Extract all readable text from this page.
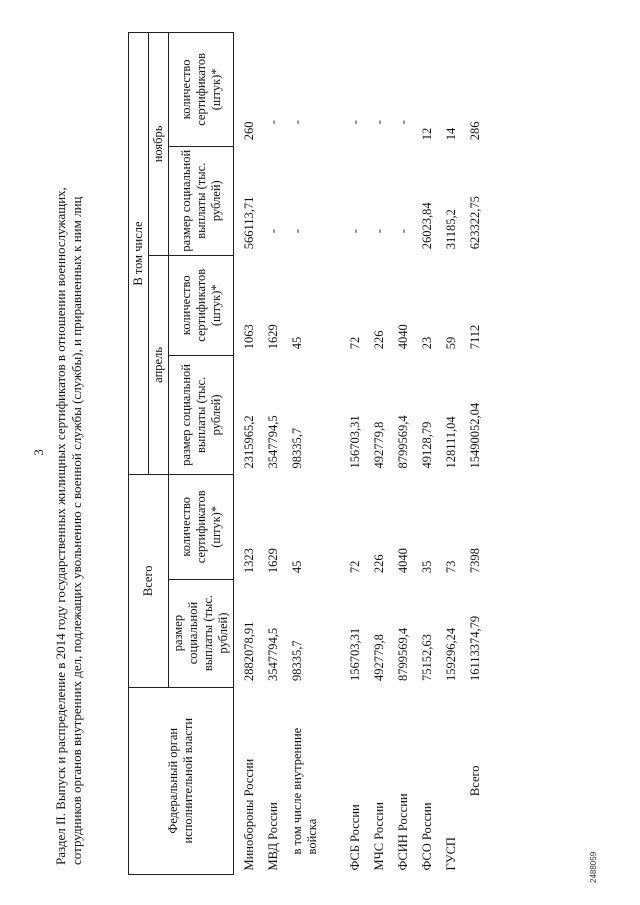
3 Раздел II. Выпуск и распределение в 2014 году государственных жилищных сертификатов в отношении военнослужащих, сотрудников органов внутренних дел, подлежащих увольнению с военной службы (службы), и приравненных к ним лиц	Федеральный орган исполнительной власти	Всего		В том числе			
			апрель		ноябрь	
	размер социальной выплаты (тыс. рублей)	количество сертификатов (штук)*	размер социальной выплаты (тыс. рублей)	количество сертификатов (штук)*	размер социальной выплаты (тыс. рублей)	количество сертификатов (штук)*
Минобороны России	2882078,91	1323	2315965,2	1063	566113,71	260
МВД России	3547794,5	1629	3547794,5	1629	-	-
в том числе внутренние войска	98335,7	45	98335,7	45	-	-
ФСБ России	156703,31	72	156703,31	72	-	-
МЧС России	492779,8	226	492779,8	226	-	-
ФСИН России	8799569,4	4040	8799569,4	4040	-	-
ФСО России	75152,63	35	49128,79	23	26023,84	12
ГУСП	159296,24	73	128111,04	59	31185,2	14
Всего	16113374,79	7398	15490052,04	7112	623322,75	286
2488059
